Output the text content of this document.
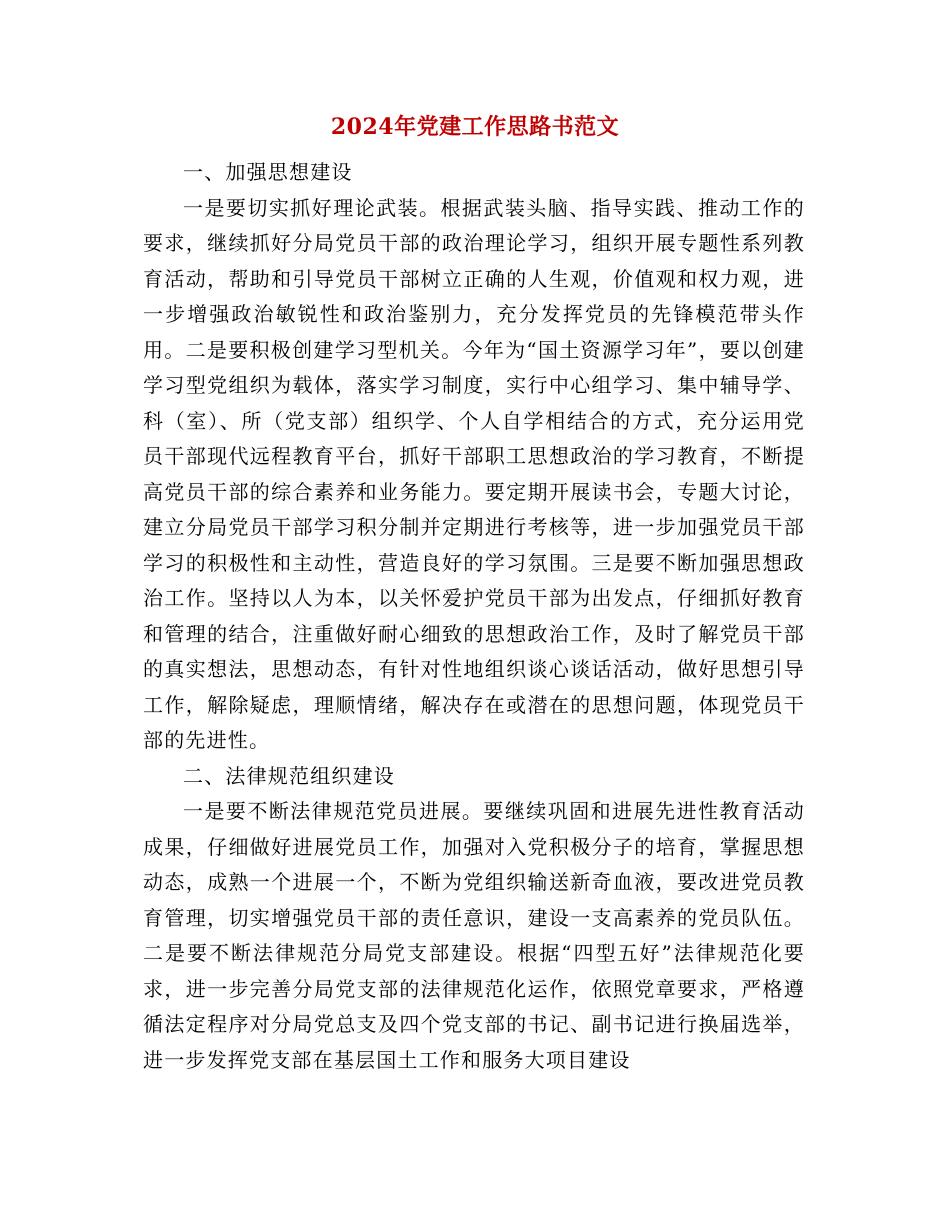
2024年党建工作思路书范文

一、加强思想建设

一是要切实抓好理论武装。根据武装头脑、指导实践、推动工作的要求，继续抓好分局党员干部的政治理论学习，组织开展专题性系列教育活动，帮助和引导党员干部树立正确的人生观，价值观和权力观，进一步增强政治敏锐性和政治鉴别力，充分发挥党员的先锋模范带头作用。二是要积极创建学习型机关。今年为“国土资源学习年”，要以创建学习型党组织为载体，落实学习制度，实行中心组学习、集中辅导学、科（室）、所（党支部）组织学、个人自学相结合的方式，充分运用党员干部现代远程教育平台，抓好干部职工思想政治的学习教育，不断提高党员干部的综合素养和业务能力。要定期开展读书会，专题大讨论，建立分局党员干部学习积分制并定期进行考核等，进一步加强党员干部学习的积极性和主动性，营造良好的学习氛围。三是要不断加强思想政治工作。坚持以人为本，以关怀爱护党员干部为出发点，仔细抓好教育和管理的结合，注重做好耐心细致的思想政治工作，及时了解党员干部的真实想法，思想动态，有针对性地组织谈心谈话活动，做好思想引导工作，解除疑虑，理顺情绪，解决存在或潜在的思想问题，体现党员干部的先进性。

二、法律规范组织建设

一是要不断法律规范党员进展。要继续巩固和进展先进性教育活动成果，仔细做好进展党员工作，加强对入党积极分子的培育，掌握思想动态，成熟一个进展一个，不断为党组织输送新奇血液，要改进党员教育管理，切实增强党员干部的责任意识，建设一支高素养的党员队伍。二是要不断法律规范分局党支部建设。根据“四型五好”法律规范化要求，进一步完善分局党支部的法律规范化运作，依照党章要求，严格遵循法定程序对分局党总支及四个党支部的书记、副书记进行换届选举，进一步发挥党支部在基层国土工作和服务大项目建设
